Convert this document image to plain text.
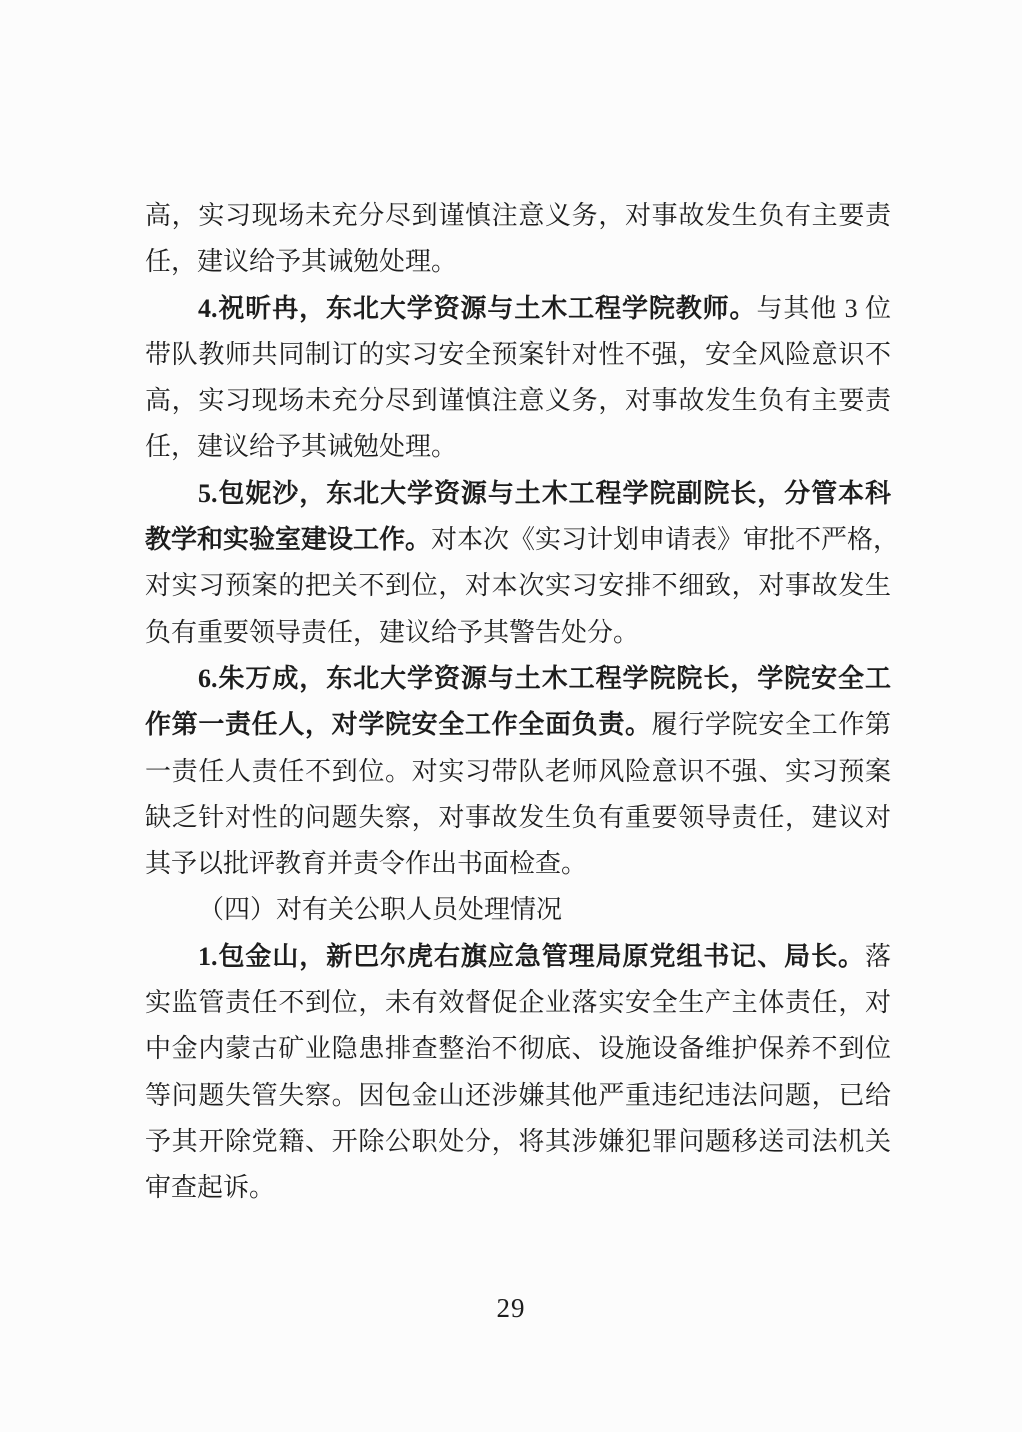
高，实习现场未充分尽到谨慎注意义务，对事故发生负有主要责
任，建议给予其诫勉处理。
4.祝昕冉，东北大学资源与土木工程学院教师。与其他 3 位
带队教师共同制订的实习安全预案针对性不强，安全风险意识不
高，实习现场未充分尽到谨慎注意义务，对事故发生负有主要责
任，建议给予其诫勉处理。
5.包妮沙，东北大学资源与土木工程学院副院长，分管本科
教学和实验室建设工作。对本次《实习计划申请表》审批不严格，
对实习预案的把关不到位，对本次实习安排不细致，对事故发生
负有重要领导责任，建议给予其警告处分。
6.朱万成，东北大学资源与土木工程学院院长，学院安全工
作第一责任人，对学院安全工作全面负责。履行学院安全工作第
一责任人责任不到位。对实习带队老师风险意识不强、实习预案
缺乏针对性的问题失察，对事故发生负有重要领导责任，建议对
其予以批评教育并责令作出书面检查。
（四）对有关公职人员处理情况
1.包金山，新巴尔虎右旗应急管理局原党组书记、局长。落
实监管责任不到位，未有效督促企业落实安全生产主体责任，对
中金内蒙古矿业隐患排查整治不彻底、设施设备维护保养不到位
等问题失管失察。因包金山还涉嫌其他严重违纪违法问题，已给
予其开除党籍、开除公职处分，将其涉嫌犯罪问题移送司法机关
审查起诉。
29
